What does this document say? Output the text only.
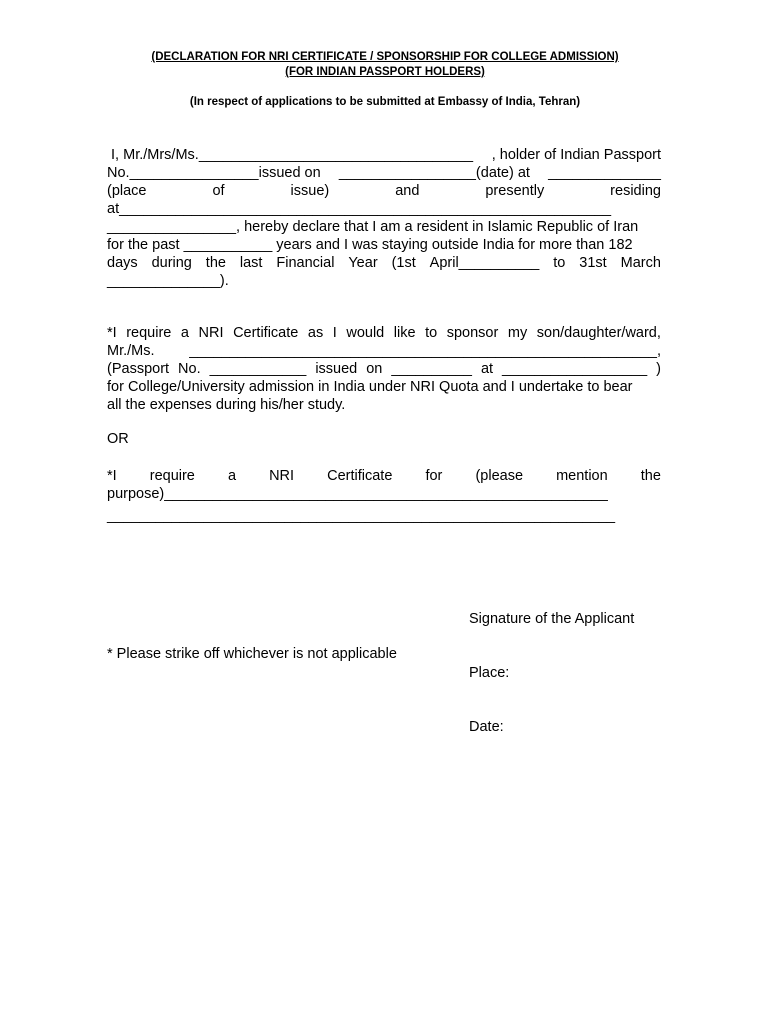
(DECLARATION FOR NRI CERTIFICATE / SPONSORSHIP FOR COLLEGE ADMISSION)
(FOR INDIAN PASSPORT HOLDERS)
(In respect of applications to be submitted at Embassy of India, Tehran)
I, Mr./Mrs/Ms.__________________________________ , holder of Indian Passport
No.________________issued on _________________(date) at ______________
(place	of	issue)	and	presently	residing
at_____________________________________________________________
________________, hereby declare that I am a resident in Islamic Republic of Iran
for the past ___________ years and I was staying outside India for more than 182
days during the last Financial Year (1st April__________ to 31st March
______________).
*I require a NRI Certificate as I would like to sponsor my son/daughter/ward,
Mr./Ms. __________________________________________________________,
(Passport No. ____________ issued on __________ at __________________ )
for College/University admission in India under NRI Quota and I undertake to bear
all the expenses during his/her study.
OR
*I require a NRI Certificate for (please mention the
purpose)_______________________________________________________
_______________________________________________________________

Signature of the Applicant

Place:

Date:

* Please strike off whichever is not applicable
